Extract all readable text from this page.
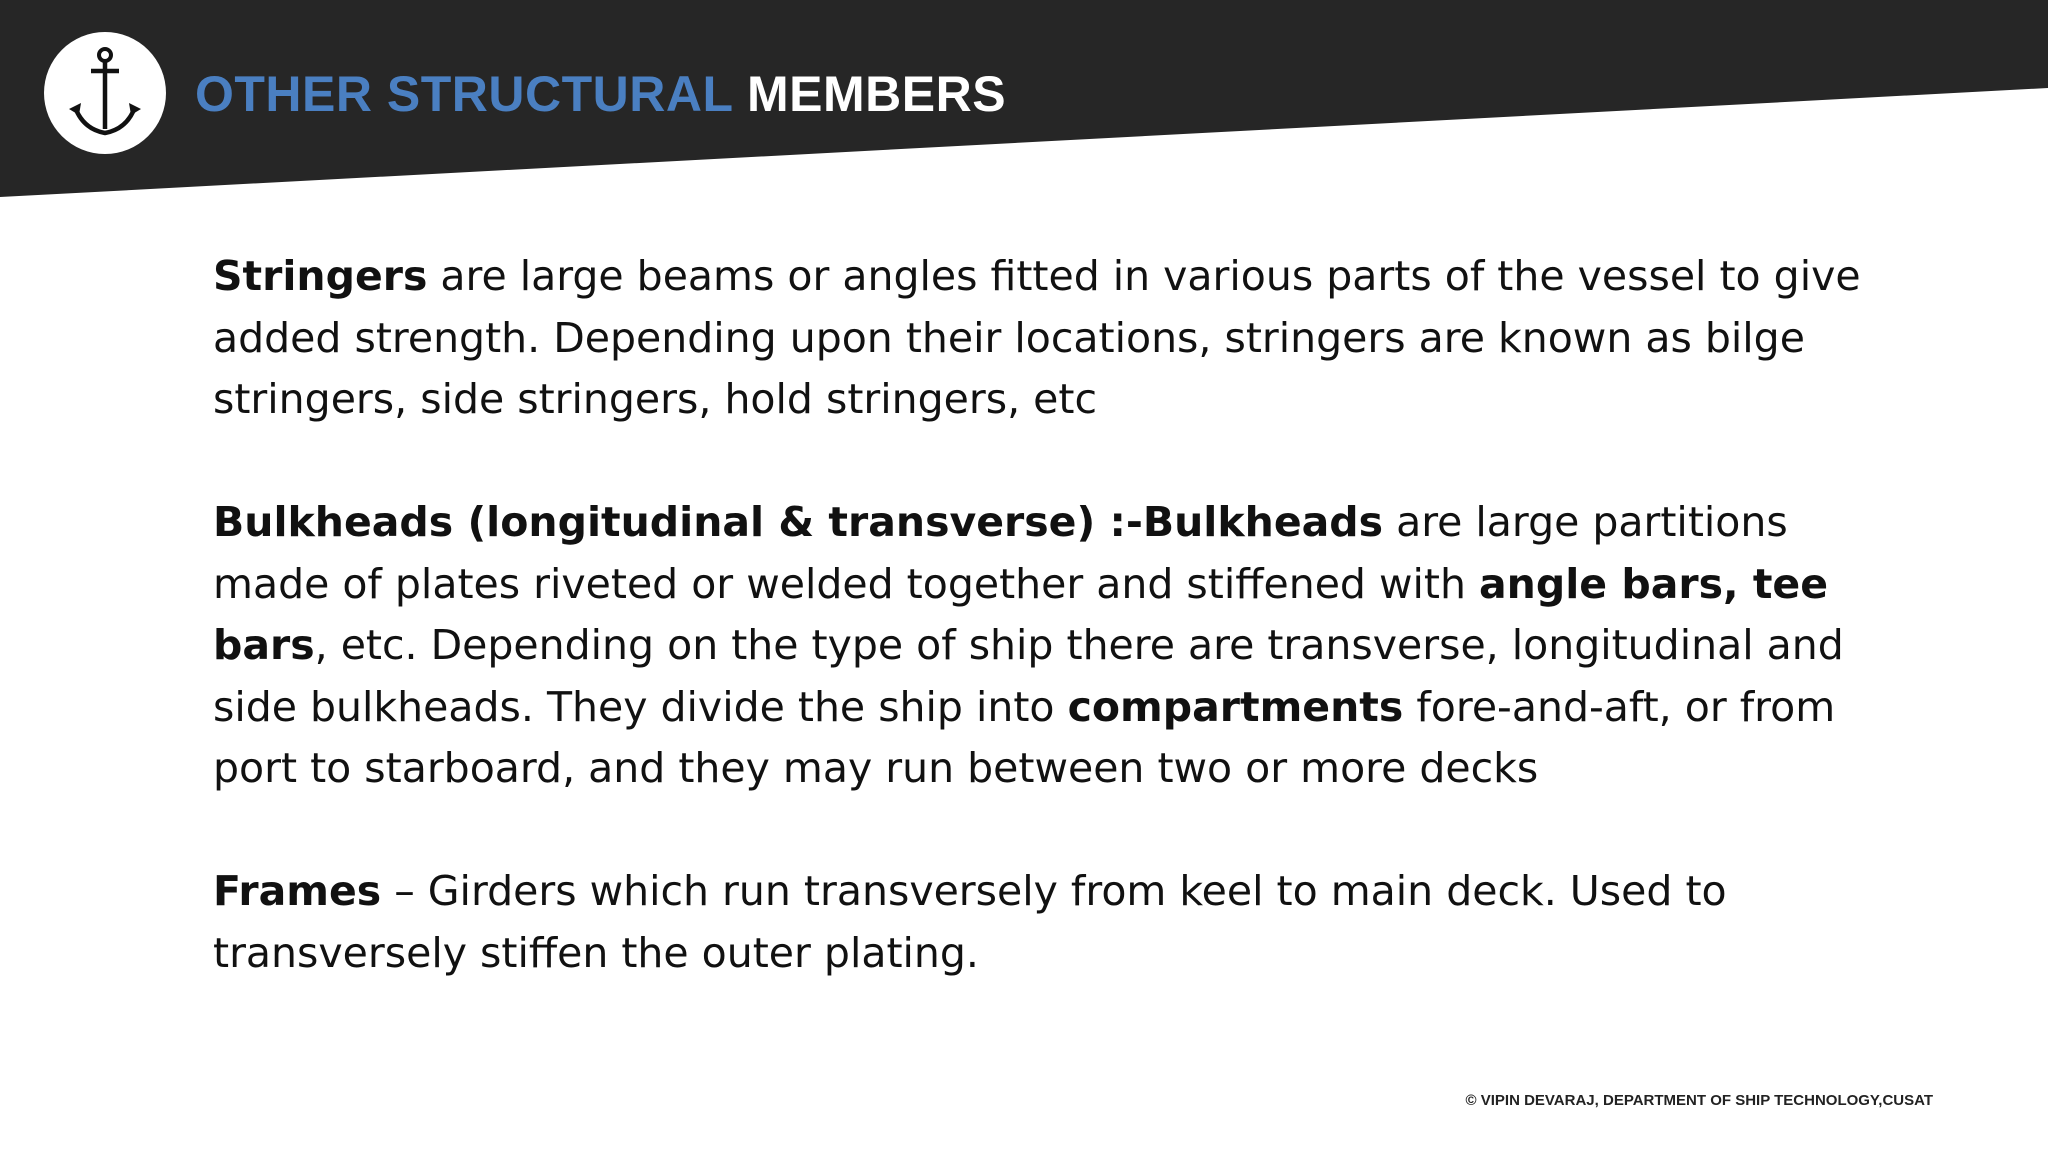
OTHER STRUCTURAL MEMBERS

Stringers are large beams or angles fitted in various parts of the vessel to give added strength. Depending upon their locations, stringers are known as bilge stringers, side stringers, hold stringers, etc

Bulkheads (longitudinal & transverse) :-Bulkheads are large partitions made of plates riveted or welded together and stiffened with angle bars, tee bars, etc. Depending on the type of ship there are transverse, longitudinal and side bulkheads. They divide the ship into compartments fore-and-aft, or from port to starboard, and they may run between two or more decks

Frames – Girders which run transversely from keel to main deck. Used to transversely stiffen the outer plating.

© VIPIN DEVARAJ, DEPARTMENT OF SHIP TECHNOLOGY,CUSAT
